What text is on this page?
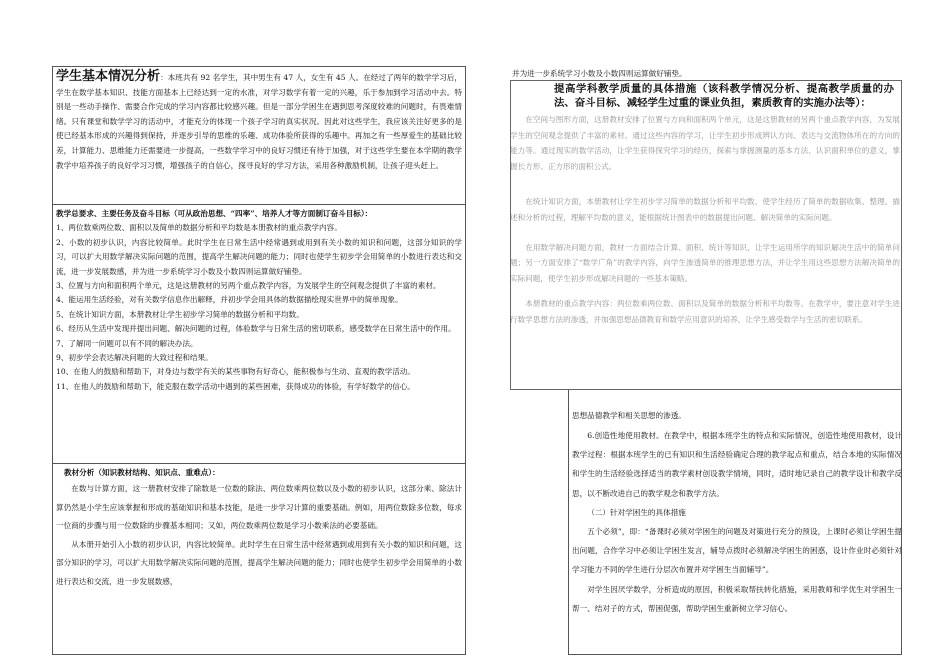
学生基本情况分析：本班共有 92 名学生，其中男生有 47 人，女生有 45 人。在经过了两年的数学学习后，学生在数学基本知识、技能方面基本上已经达到一定的水准，对学习数学有着一定的兴趣，乐于参加到学习活动中去。特别是一些动手操作、需要合作完成的学习内容都比较感兴趣。但是一部分学困生在遇到思考深度较难的问题时，有畏难情绪。只有课堂和数学学习的活动中，才能充分的体现一个孩子学习的真实状况。因此对这些学生，我应该关注好更多的是使已经基本形成的兴趣得到保持，并逐步引导的思维的乐趣、成功体验所获得的乐趣中。再加之有一些厚爱生的基础比较差，计算能力、思维能力还需要进一步提高，一些数学学习中的良好习惯还有待于加强，对于这些学生要在本学期的教学教学中培养孩子的良好学习习惯，增强孩子的自信心，探寻良好的学习方法，采用各种激励机制，让孩子迎头赶上。

教学总要求、主要任务及奋斗目标（可从政治思想、“四率”、培养人才等方面制订奋斗目标）：

1、两位数乘两位数、面积以及简单的数据分析和平均数是本册教材的重点教学内容。

2、小数的初步认识，内容比较简单。此时学生在日常生活中经常遇到或用到有关小数的知识和问题，这部分知识的学习，可以扩大用数学解决实际问题的范围，提高学生解决问题的能力；同时也使学生初步学会用简单的小数进行表达和交流，进一步发展数感，并为进一步系统学习小数及小数四则运算做好铺垫。

3、位置与方向和面积两个单元，这是这册教材的另两个重点教学内容，为发展学生的空间观念提供了丰富的素材。

4、能运用生活经验，对有关数学信息作出解释，并初步学会用具体的数据描绘现实世界中的简单现象。

5、在统计知识方面，本册教材让学生初步学习简单的数据分析和平均数。

6、经历从生活中发现并提出问题、解决问题的过程，体验数学与日常生活的密切联系，感受数学在日常生活中的作用。

7、了解同一问题可以有不同的解决办法。

9、初步学会表达解决问题的大致过程和结果。

10、在他人的鼓励和帮助下，对身边与数学有关的某些事物有好奇心，能积极参与生动、直观的教学活动。

11、在他人的鼓励和帮助下，能克服在数学活动中遇到的某些困难，获得成功的体验，有学好数学的信心。

教材分析（知识教材结构、知识点、重难点）：

在数与计算方面，这一册教材安排了除数是一位数的除法、两位数乘两位数以及小数的初步认识，这部分乘、除法计算仍然是小学生应该掌握和形成的基础知识和基本技能，是进一步学习计算的重要基础。例如，用两位数除多位数，每求一位商的步骤与用一位数除的步骤基本相同；又如，两位数乘两位数是学习小数乘法的必要基础。

从本册开始引入小数的初步认识，内容比较简单。此时学生在日常生活中经常遇到或用到有关小数的知识和问题，这部分知识的学习，可以扩大用数学解决实际问题的范围，提高学生解决问题的能力；同时也使学生初步学会用简单的小数进行表达和交流，进一步发展数感，

在空间与图形方面，这册教材安排了位置与方向和面积两个单元，这是这册教材的另两个重点教学内容，为发展学生的空间观念提供了丰富的素材。通过这些内容的学习，让学生初步形成辨认方向、表达与交流物体所在的方向的能力等。通过现实的数学活动，让学生获得探究学习的经历，探索与掌握测量的基本方法、认识面积单位的意义，掌握长方形、正方形的面积公式。

在统计知识方面，本册教材让学生初步学习简单的数据分析和平均数，使学生经历了简单的数据收集、整理、描述和分析的过程，理解平均数的意义，能根据统计图表中的数据提出问题、解决简单的实际问题。

在用数学解决问题方面，教材一方面结合计算、面积、统计等知识，让学生运用所学的知识解决生活中的简单问题；另一方面安排了“数学广角”的教学内容，向学生渗透简单的推理思想方法，并让学生用这些思想方法解决简单的实际问题，使学生初步形成解决问题的一些基本策略。

本册教材的重点教学内容：两位数乘两位数、面积以及简单的数据分析和平均数等。在教学中，要注意对学生进行数学思想方法的渗透，并加强思想品德教育和数学应用意识的培养，让学生感受数学与生活的密切联系。

并为进一步系统学习小数及小数四则运算做好铺垫。
提高学科教学质量的具体措施（该科教学情况分析、提高教学质量的办法、奋斗目标、减轻学生过重的课业负担，素质教育的实施办法等）：
思想品德教学和相关思想的渗透。

6.创造性地使用教材。在教学中，根据本班学生的特点和实际情况，创造性地使用教材，设计教学过程：根据本班学生的已有知识和生活经验确定合理的教学起点和重点，结合本地的实际情况和学生的生活经验选择适当的教学素材创设教学情境，同时，适时地记录自己的教学设计和教学反思，以不断改进自己的教学观念和教学方法。

（二）针对学困生的具体措施

五个必须”，即：“备课时必须对学困生的问题及对策进行充分的预设，上课时必须让学困生提出问题，合作学习中必须让学困生发言，辅导点拨时必须解决学困生的困惑，设计作业时必须针对学习能力不同的学生进行分层次布置并对学困生当面辅导”。

对学生因厌学数学，分析造成的原因，积极采取帮扶转化措施，采用教师和学优生对学困生一帮一、结对子的方式，帮困促强，帮助学困生重新树立学习信心。
